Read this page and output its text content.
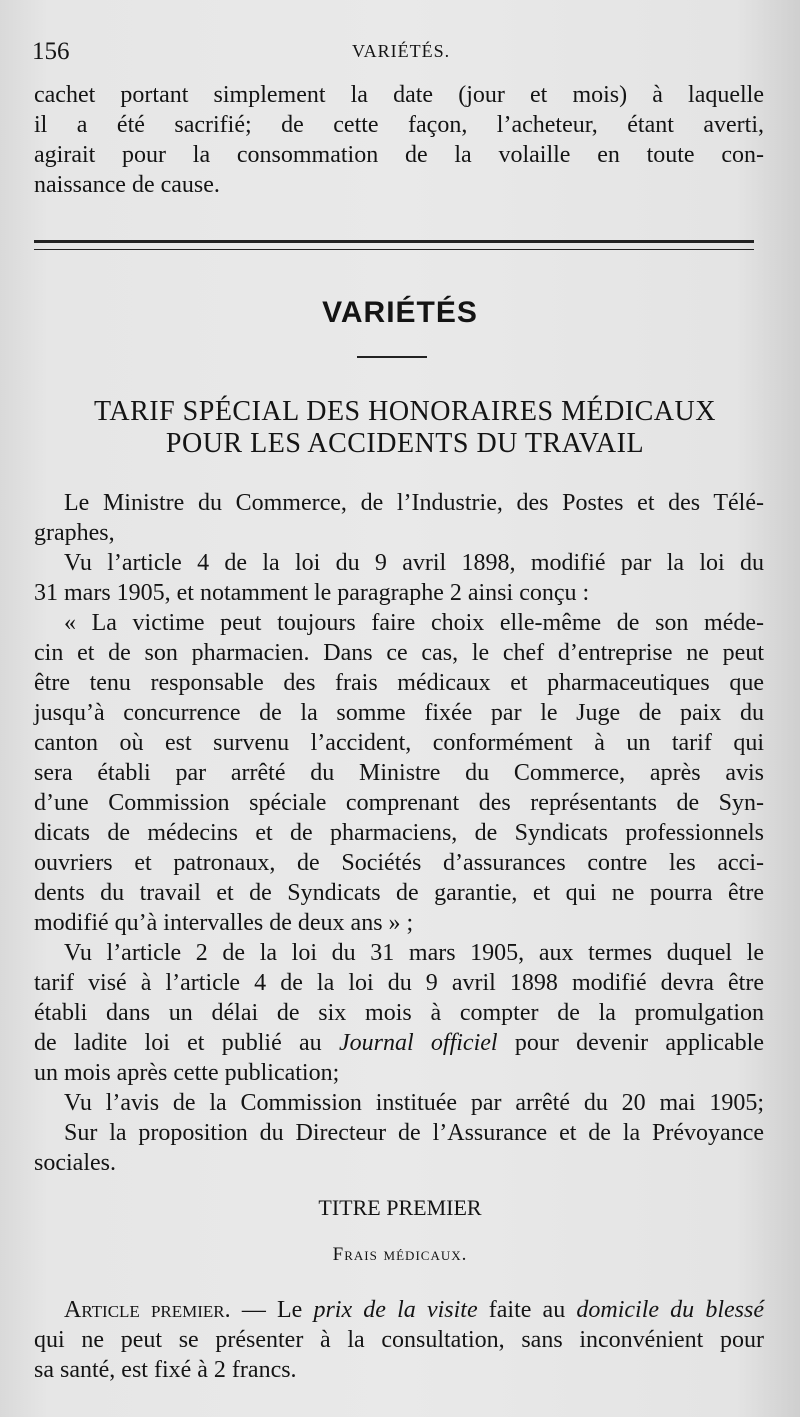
156	VARIÉTÉS.
cachet portant simplement la date (jour et mois) à laquelle
il a été sacrifié; de cette façon, l’acheteur, étant averti,
agirait pour la consommation de la volaille en toute con-
naissance de cause.
VARIÉTÉS
TARIF SPÉCIAL DES HONORAIRES MÉDICAUX
POUR LES ACCIDENTS DU TRAVAIL
Le Ministre du Commerce, de l’Industrie, des Postes et des Télé-
graphes,
Vu l’article 4 de la loi du 9 avril 1898, modifié par la loi du
31 mars 1905, et notamment le paragraphe 2 ainsi conçu :
« La victime peut toujours faire choix elle-même de son méde-
cin et de son pharmacien. Dans ce cas, le chef d’entreprise ne peut
être tenu responsable des frais médicaux et pharmaceutiques que
jusqu’à concurrence de la somme fixée par le Juge de paix du
canton où est survenu l’accident, conformément à un tarif qui
sera établi par arrêté du Ministre du Commerce, après avis
d’une Commission spéciale comprenant des représentants de Syn-
dicats de médecins et de pharmaciens, de Syndicats professionnels
ouvriers et patronaux, de Sociétés d’assurances contre les acci-
dents du travail et de Syndicats de garantie, et qui ne pourra être
modifié qu’à intervalles de deux ans » ;
Vu l’article 2 de la loi du 31 mars 1905, aux termes duquel le
tarif visé à l’article 4 de la loi du 9 avril 1898 modifié devra être
établi dans un délai de six mois à compter de la promulgation
de ladite loi et publié au Journal officiel pour devenir applicable
un mois après cette publication;
Vu l’avis de la Commission instituée par arrêté du 20 mai 1905;
Sur la proposition du Directeur de l’Assurance et de la Prévoyance
sociales.
TITRE PREMIER
Frais médicaux.
Article premier. — Le prix de la visite faite au domicile du blessé
qui ne peut se présenter à la consultation, sans inconvénient pour
sa santé, est fixé à 2 francs.
